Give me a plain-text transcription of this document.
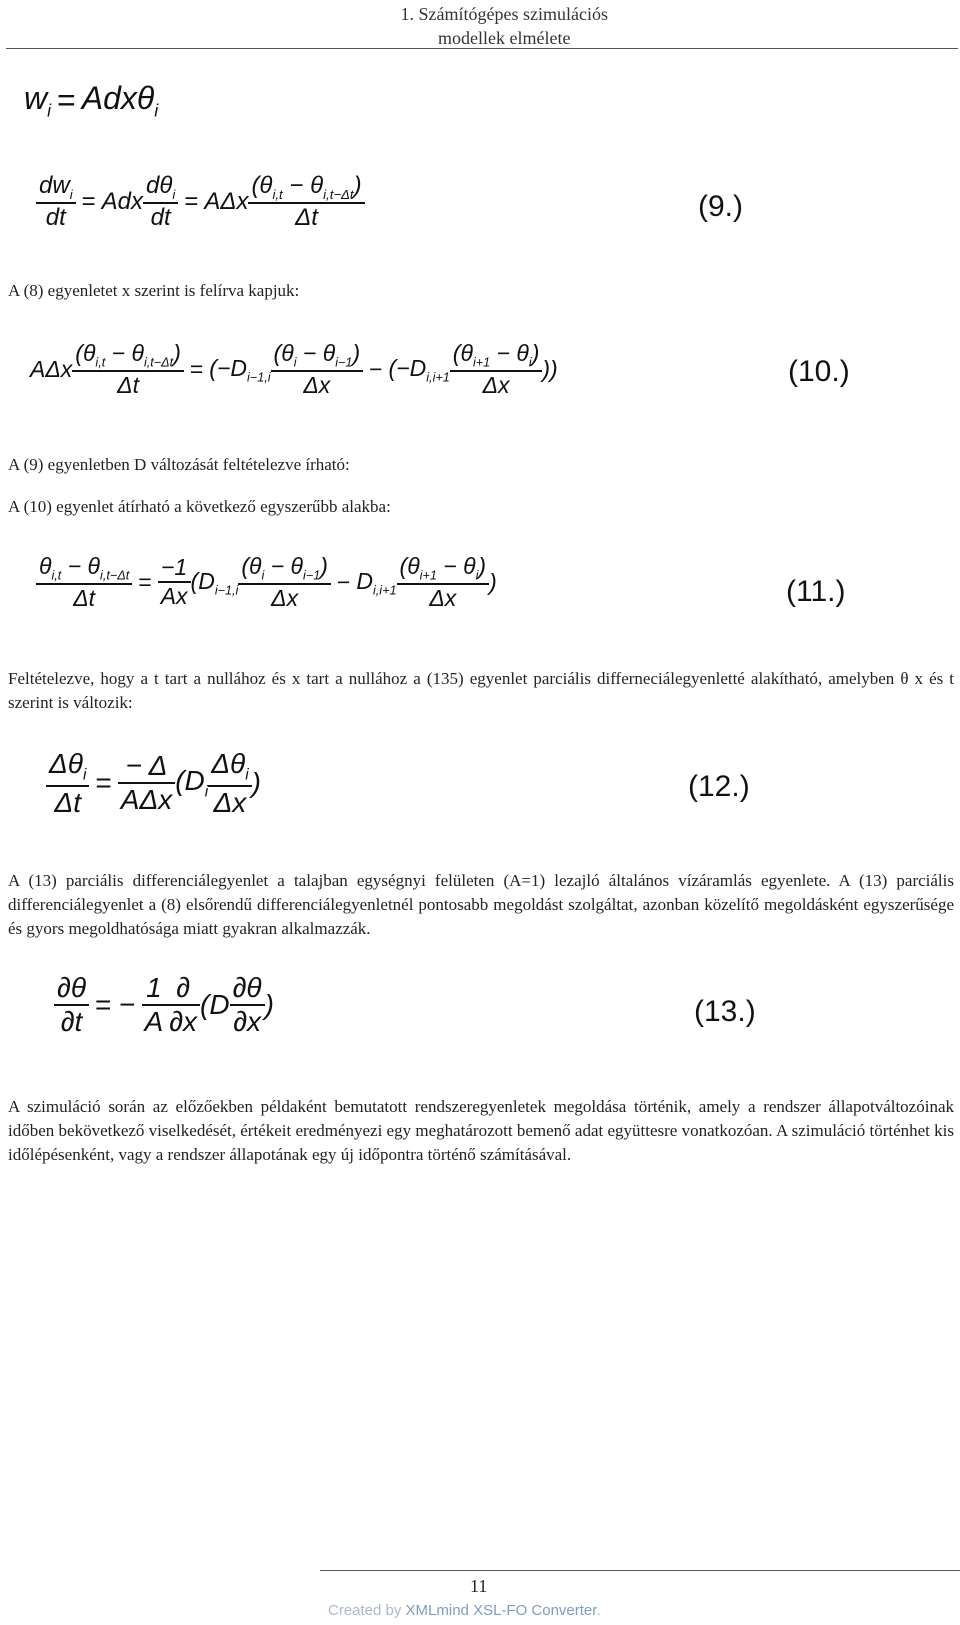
1. Számítógépes szimulációs
modellek elmélete
$w_i = Adx\theta_i$
$\frac{dw_i}{dt}$ = Adx $\frac{d\theta_i}{dt} = A\Delta x \frac{(\theta_{i,t} - \theta_{i,t-\Delta t})}{\Delta t}$	(9.)
A (8) egyenletet x szerint is felírva kapjuk:
AΔx $\frac{(\theta_{i,t} - \theta_{i,t-\Delta t})}{\Delta t} = (-D_{i-1,i} \frac{(\theta_i - \theta_{i-1})}{\Delta x} - (-D_{i,i+1} \frac{(\theta_{i+1} - \theta_i)}{\Delta x}$ ))	(10.)
A (9) egyenletben D változását feltételezve írható:
A (10) egyenlet átírható a következő egyszerűbb alakba:
$\frac{\theta_{i,t} - \theta_{i,t-\Delta t}}{\Delta t} = \frac{-1}{Ax} (D_{i-1,i} \frac{(\theta_i - \theta_{i-1})}{\Delta x} - D_{i,i+1} \frac{(\theta_{i+1} - \theta_i)}{\Delta x}$ )	(11.)
Feltételezve, hogy a t tart a nullához és x tart a nullához a (135) egyenlet parciális differneciálegyenletté alakítható, amelyben θ x és t szerint is változik:
$\frac{\Delta\theta_i}{\Delta t} = \frac{- \Delta}{\text{AΔx}} (D_i \frac{\Delta\theta_i}{\Delta x}$ )	(12.)
A (13) parciális differenciálegyenlet a talajban egységnyi felületen (A=1) lezajló általános vízáramlás egyenlete. A (13) parciális differenciálegyenlet a (8) elsőrendű differenciálegyenletnél pontosabb megoldást szolgáltat, azonban közelítő megoldásként egyszerűsége és gyors megoldhatósága miatt gyakran alkalmazzák.
$\frac{\partial\theta}{\partial t}$ = − $\frac{1}{A} \frac{\partial}{\partial x} (D \frac{\partial\theta}{\partial x}$ )	(13.)
A szimuláció során az előzőekben példaként bemutatott rendszeregyenletek megoldása történik, amely a rendszer állapotváltozóinak időben bekövetkező viselkedését, értékeit eredményezi egy meghatározott bemenő adat együttesre vonatkozóan. A szimuláció történhet kis időlépésenként, vagy a rendszer állapotának egy új időpontra történő számításával.
11
Created by XMLmind XSL-FO Converter.
